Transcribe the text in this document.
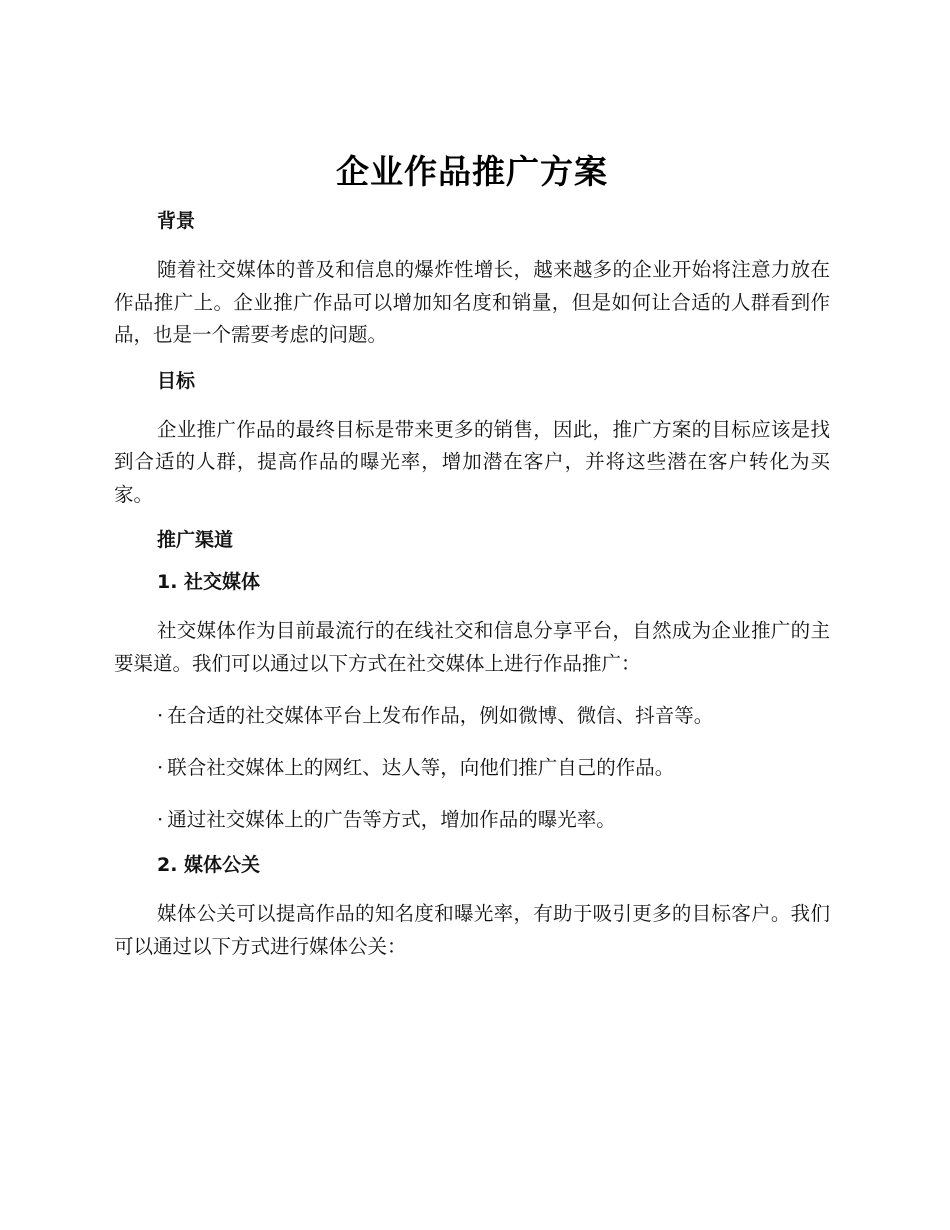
企业作品推广方案
背景

随着社交媒体的普及和信息的爆炸性增长，越来越多的企业开始将注意力放在作品推广上。企业推广作品可以增加知名度和销量，但是如何让合适的人群看到作品，也是一个需要考虑的问题。

目标

企业推广作品的最终目标是带来更多的销售，因此，推广方案的目标应该是找到合适的人群，提高作品的曝光率，增加潜在客户，并将这些潜在客户转化为买家。

推广渠道
1. 社交媒体

社交媒体作为目前最流行的在线社交和信息分享平台，自然成为企业推广的主要渠道。我们可以通过以下方式在社交媒体上进行作品推广：

· 在合适的社交媒体平台上发布作品，例如微博、微信、抖音等。
· 联合社交媒体上的网红、达人等，向他们推广自己的作品。
· 通过社交媒体上的广告等方式，增加作品的曝光率。
2. 媒体公关

媒体公关可以提高作品的知名度和曝光率，有助于吸引更多的目标客户。我们可以通过以下方式进行媒体公关：
